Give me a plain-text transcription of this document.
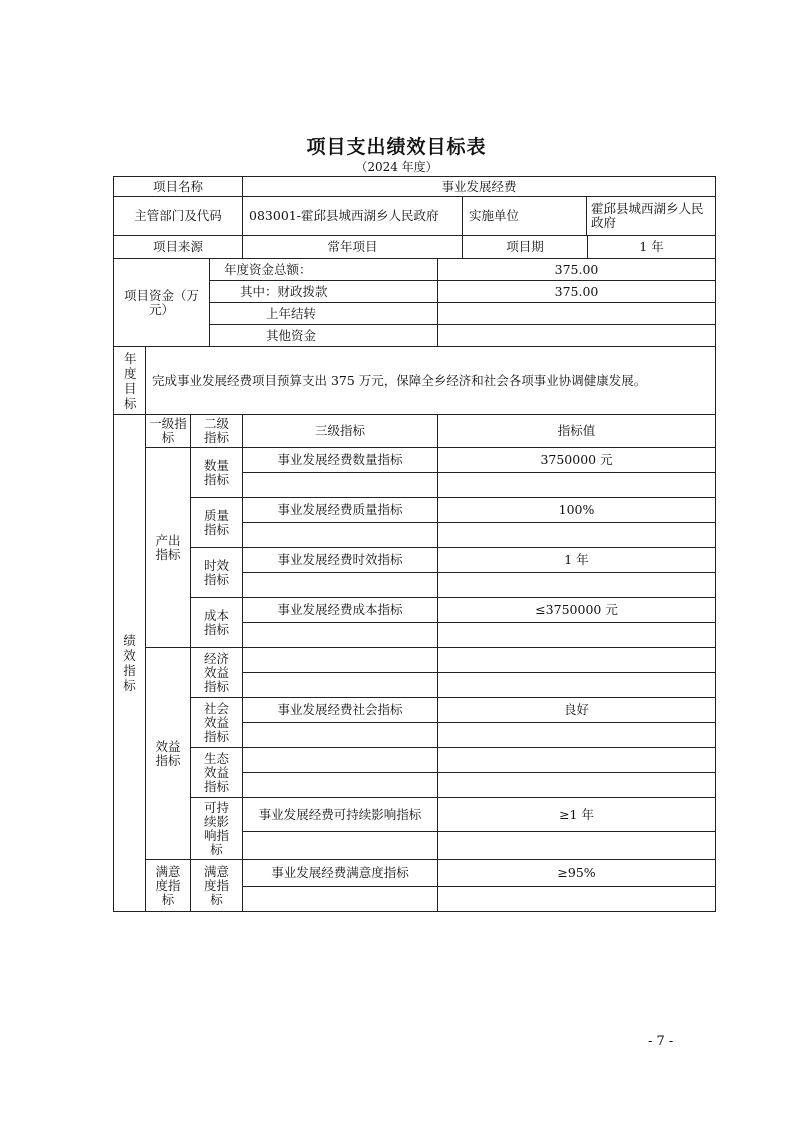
项目支出绩效目标表
（2024 年度）
项目名称				事业发展经费	
主管部门及代码				083001-霍邱县城西湖乡人民政府 实施单位 霍邱县城西湖乡人民政府	

项目来源				常年项目 项目期 1 年	

项目资金（万元）			年度资金总额：		375.00
			其中：财政拨款		375.00
			上年结转		
			其他资金		
年度目标	完成事业发展经费项目预算支出 375 万元，保障全乡经济和社会各项事业协调健康发展。				
绩效指标	一级指标	二级指标		三级指标	指标值
	产出指标	数量指标		事业发展经费数量指标	3750000 元

		质量指标		事业发展经费质量指标	100%

		时效指标		事业发展经费时效指标	1 年

		成本指标		事业发展经费成本指标	≤3750000 元

	效益指标	经济效益指标			

		社会效益指标		事业发展经费社会指标	良好

		生态效益指标			

		可持续影响指标		事业发展经费可持续影响指标	≥1 年

	满意度指标	满意度指标		事业发展经费满意度指标	≥95%

- 7 -
